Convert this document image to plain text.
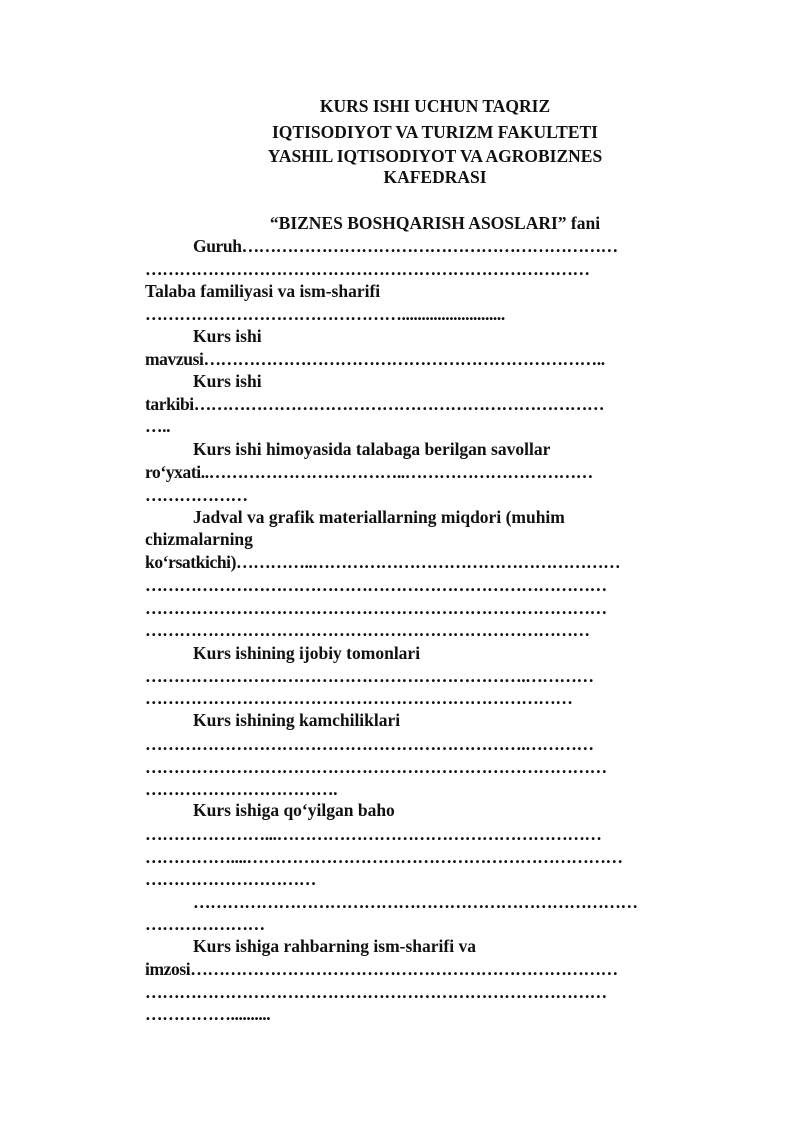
KURS ISHI UCHUN TAQRIZ

IQTISODIYOT VA TURIZM FAKULTETI

YASHIL IQTISODIYOT VA AGROBIZNES

KAFEDRASI

“BIZNES BOSHQARISH ASOSLARI” fani

Guruh…………………………………………………………

……………………………………………………………………

Talaba familiyasi va ism-sharifi

………………………………………..........................

Kurs ishi

mavzusi……………………………………………………………..

Kurs ishi

tarkibi………………………………………………………………

…..

Kurs ishi himoyasida talabaga berilgan savollar

ro‘yxati..……………………………..……………………………

………………

Jadval va grafik materiallarning miqdori (muhim

chizmalarning

ko‘rsatkichi)…………..………………………………………………

………………………………………………………………………

………………………………………………………………………

……………………………………………………………………

Kurs ishining ijobiy tomonlari

………………………………………………………….…………

…………………………………………………………………

Kurs ishining kamchiliklari

………………………………………………………….…………

………………………………………………………………………

…………………………….

Kurs ishiga qo‘yilgan baho

…………………...…………………………………………………

……………....…………………………………………………………

…………………………

……………………………………………………………………

…………………

Kurs ishiga rahbarning ism-sharifi va

imzosi…………………………………………………………………

………………………………………………………………………

……………..........
